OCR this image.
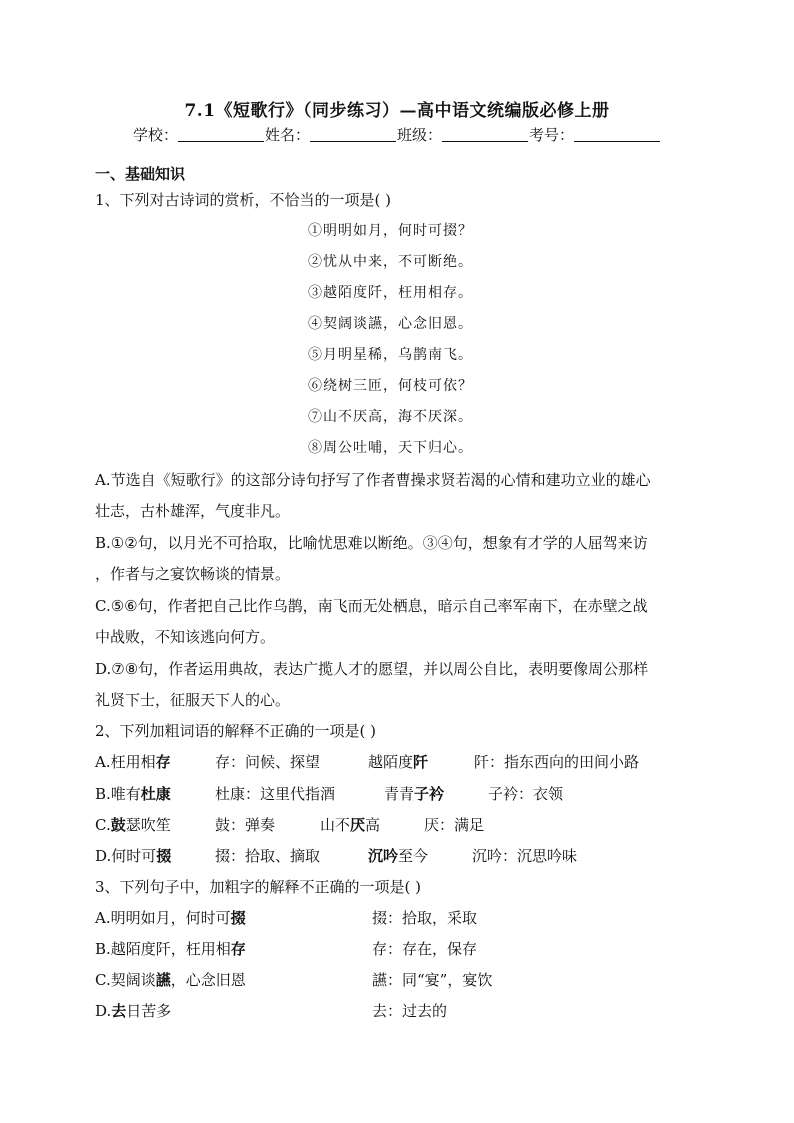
7.1《短歌行》（同步练习）—高中语文统编版必修上册
学校：	姓名：	班级：	考号：
一、基础知识
1、下列对古诗词的赏析，不恰当的一项是( )
①明明如月，何时可掇？
②忧从中来，不可断绝。
③越陌度阡，枉用相存。
④契阔谈讌，心念旧恩。
⑤月明星稀，乌鹊南飞。
⑥绕树三匝，何枝可依？
⑦山不厌高，海不厌深。
⑧周公吐哺，天下归心。
A.节选自《短歌行》的这部分诗句抒写了作者曹操求贤若渴的心情和建功立业的雄心
壮志，古朴雄浑，气度非凡。
B.①②句，以月光不可拾取，比喻忧思难以断绝。③④句，想象有才学的人屈驾来访
，作者与之宴饮畅谈的情景。
C.⑤⑥句，作者把自己比作乌鹊，南飞而无处栖息，暗示自己率军南下，在赤壁之战
中战败，不知该逃向何方。
D.⑦⑧句，作者运用典故，表达广揽人才的愿望，并以周公自比，表明要像周公那样
礼贤下士，征服天下人的心。
2、下列加粗词语的解释不正确的一项是( )
A.枉用相存	存：问候、探望	越陌度阡	阡：指东西向的田间小路
B.唯有杜康	杜康：这里代指酒	青青子衿	子衿：衣领
C.鼓瑟吹笙	鼓：弹奏	山不厌高	厌：满足
D.何时可掇	掇：拾取、摘取	沉吟至今	沉吟：沉思吟味
3、下列句子中，加粗字的解释不正确的一项是( )
A.明明如月，何时可掇	掇：拾取，采取
B.越陌度阡，枉用相存	存：存在，保存
C.契阔谈讌，心念旧恩	讌：同“宴”，宴饮
D.去日苦多	去：过去的
